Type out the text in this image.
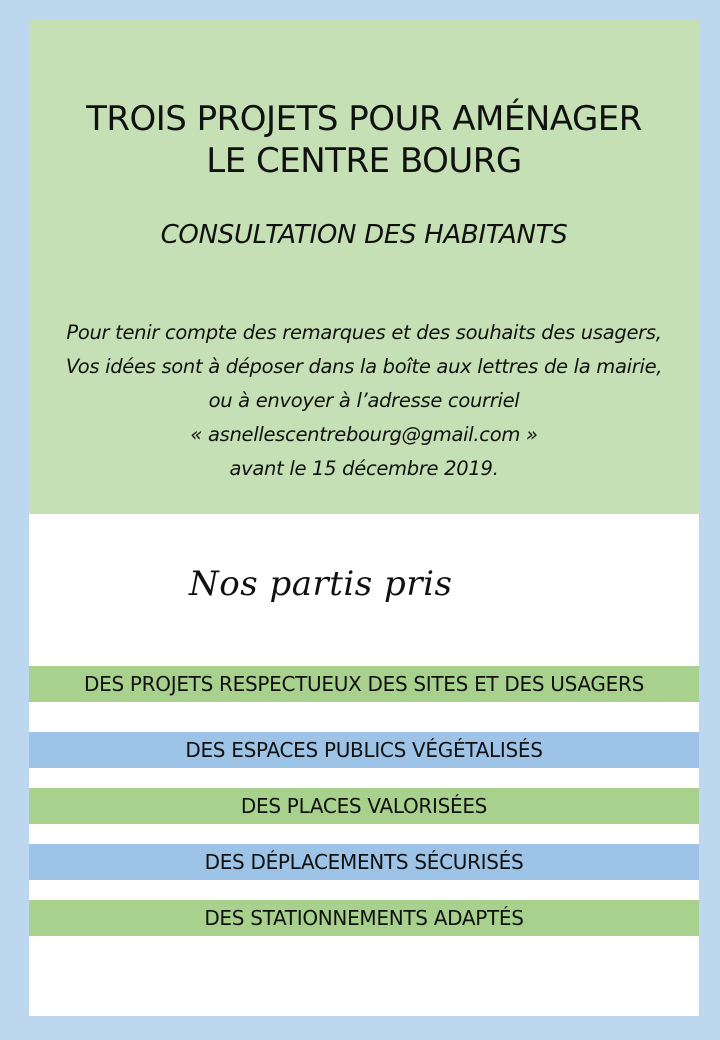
TROIS PROJETS POUR AMÉNAGER
LE CENTRE BOURG
CONSULTATION DES HABITANTS
Pour tenir compte des remarques et des souhaits des usagers,
Vos idées sont à déposer dans la boîte aux lettres de la mairie,
ou à envoyer à l’adresse courriel
« asnellescentrebourg@gmail.com »
avant le 15 décembre 2019.
Nos partis pris
DES PROJETS RESPECTUEUX DES SITES ET DES USAGERS
DES ESPACES PUBLICS VÉGÉTALISÉS
DES PLACES VALORISÉES
DES DÉPLACEMENTS SÉCURISÉS
DES STATIONNEMENTS ADAPTÉS
